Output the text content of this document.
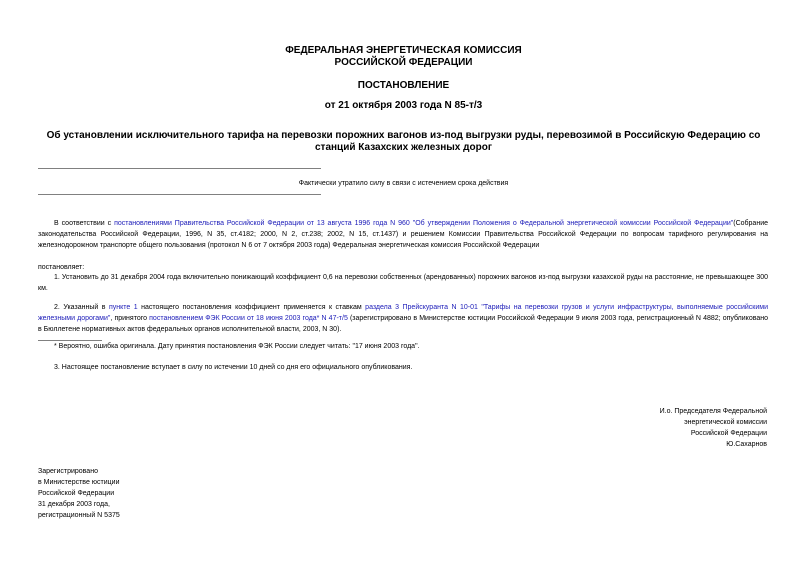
ФЕДЕРАЛЬНАЯ ЭНЕРГЕТИЧЕСКАЯ КОМИССИЯ
РОССИЙСКОЙ ФЕДЕРАЦИИ
ПОСТАНОВЛЕНИЕ
от 21 октября 2003 года N 85-т/3
Об установлении исключительного тарифа на перевозки порожних вагонов из-под выгрузки руды, перевозимой в Российскую Федерацию со станций Казахских железных дорог
Фактически утратило силу в связи с истечением срока действия
В соответствии с постановлениями Правительства Российской Федерации от 13 августа 1996 года N 960 "Об утверждении Положения о Федеральной энергетической комиссии Российской Федерации"(Собрание законодательства Российской Федерации, 1996, N 35, ст.4182; 2000, N 2, ст.238; 2002, N 15, ст.1437) и решением Комиссии Правительства Российской Федерации по вопросам тарифного регулирования на железнодорожном транспорте общего пользования (протокол N 6 от 7 октября 2003 года) Федеральная энергетическая комиссия Российской Федерации
постановляет:
1. Установить до 31 декабря 2004 года включительно понижающий коэффициент 0,6 на перевозки собственных (арендованных) порожних вагонов из-под выгрузки казахской руды на расстояние, не превышающее 300 км.
2. Указанный в пункте 1 настоящего постановления коэффициент применяется к ставкам раздела 3 Прейскуранта N 10-01 "Тарифы на перевозки грузов и услуги инфраструктуры, выполняемые российскими железными дорогами", принятого постановлением ФЭК России от 18 июня 2003 года* N 47-т/5 (зарегистрировано в Министерстве юстиции Российской Федерации 9 июля 2003 года, регистрационный N 4882; опубликовано в Бюллетене нормативных актов федеральных органов исполнительной власти, 2003, N 30).
* Вероятно, ошибка оригинала. Дату принятия постановления ФЭК России следует читать: "17 июня 2003 года".
3. Настоящее постановление вступает в силу по истечении 10 дней со дня его официального опубликования.
И.о. Председателя Федеральной
энергетической комиссии
Российской Федерации
Ю.Сахарнов
Зарегистрировано
в Министерстве юстиции
Российской Федерации
31 декабря 2003 года,
регистрационный N 5375
